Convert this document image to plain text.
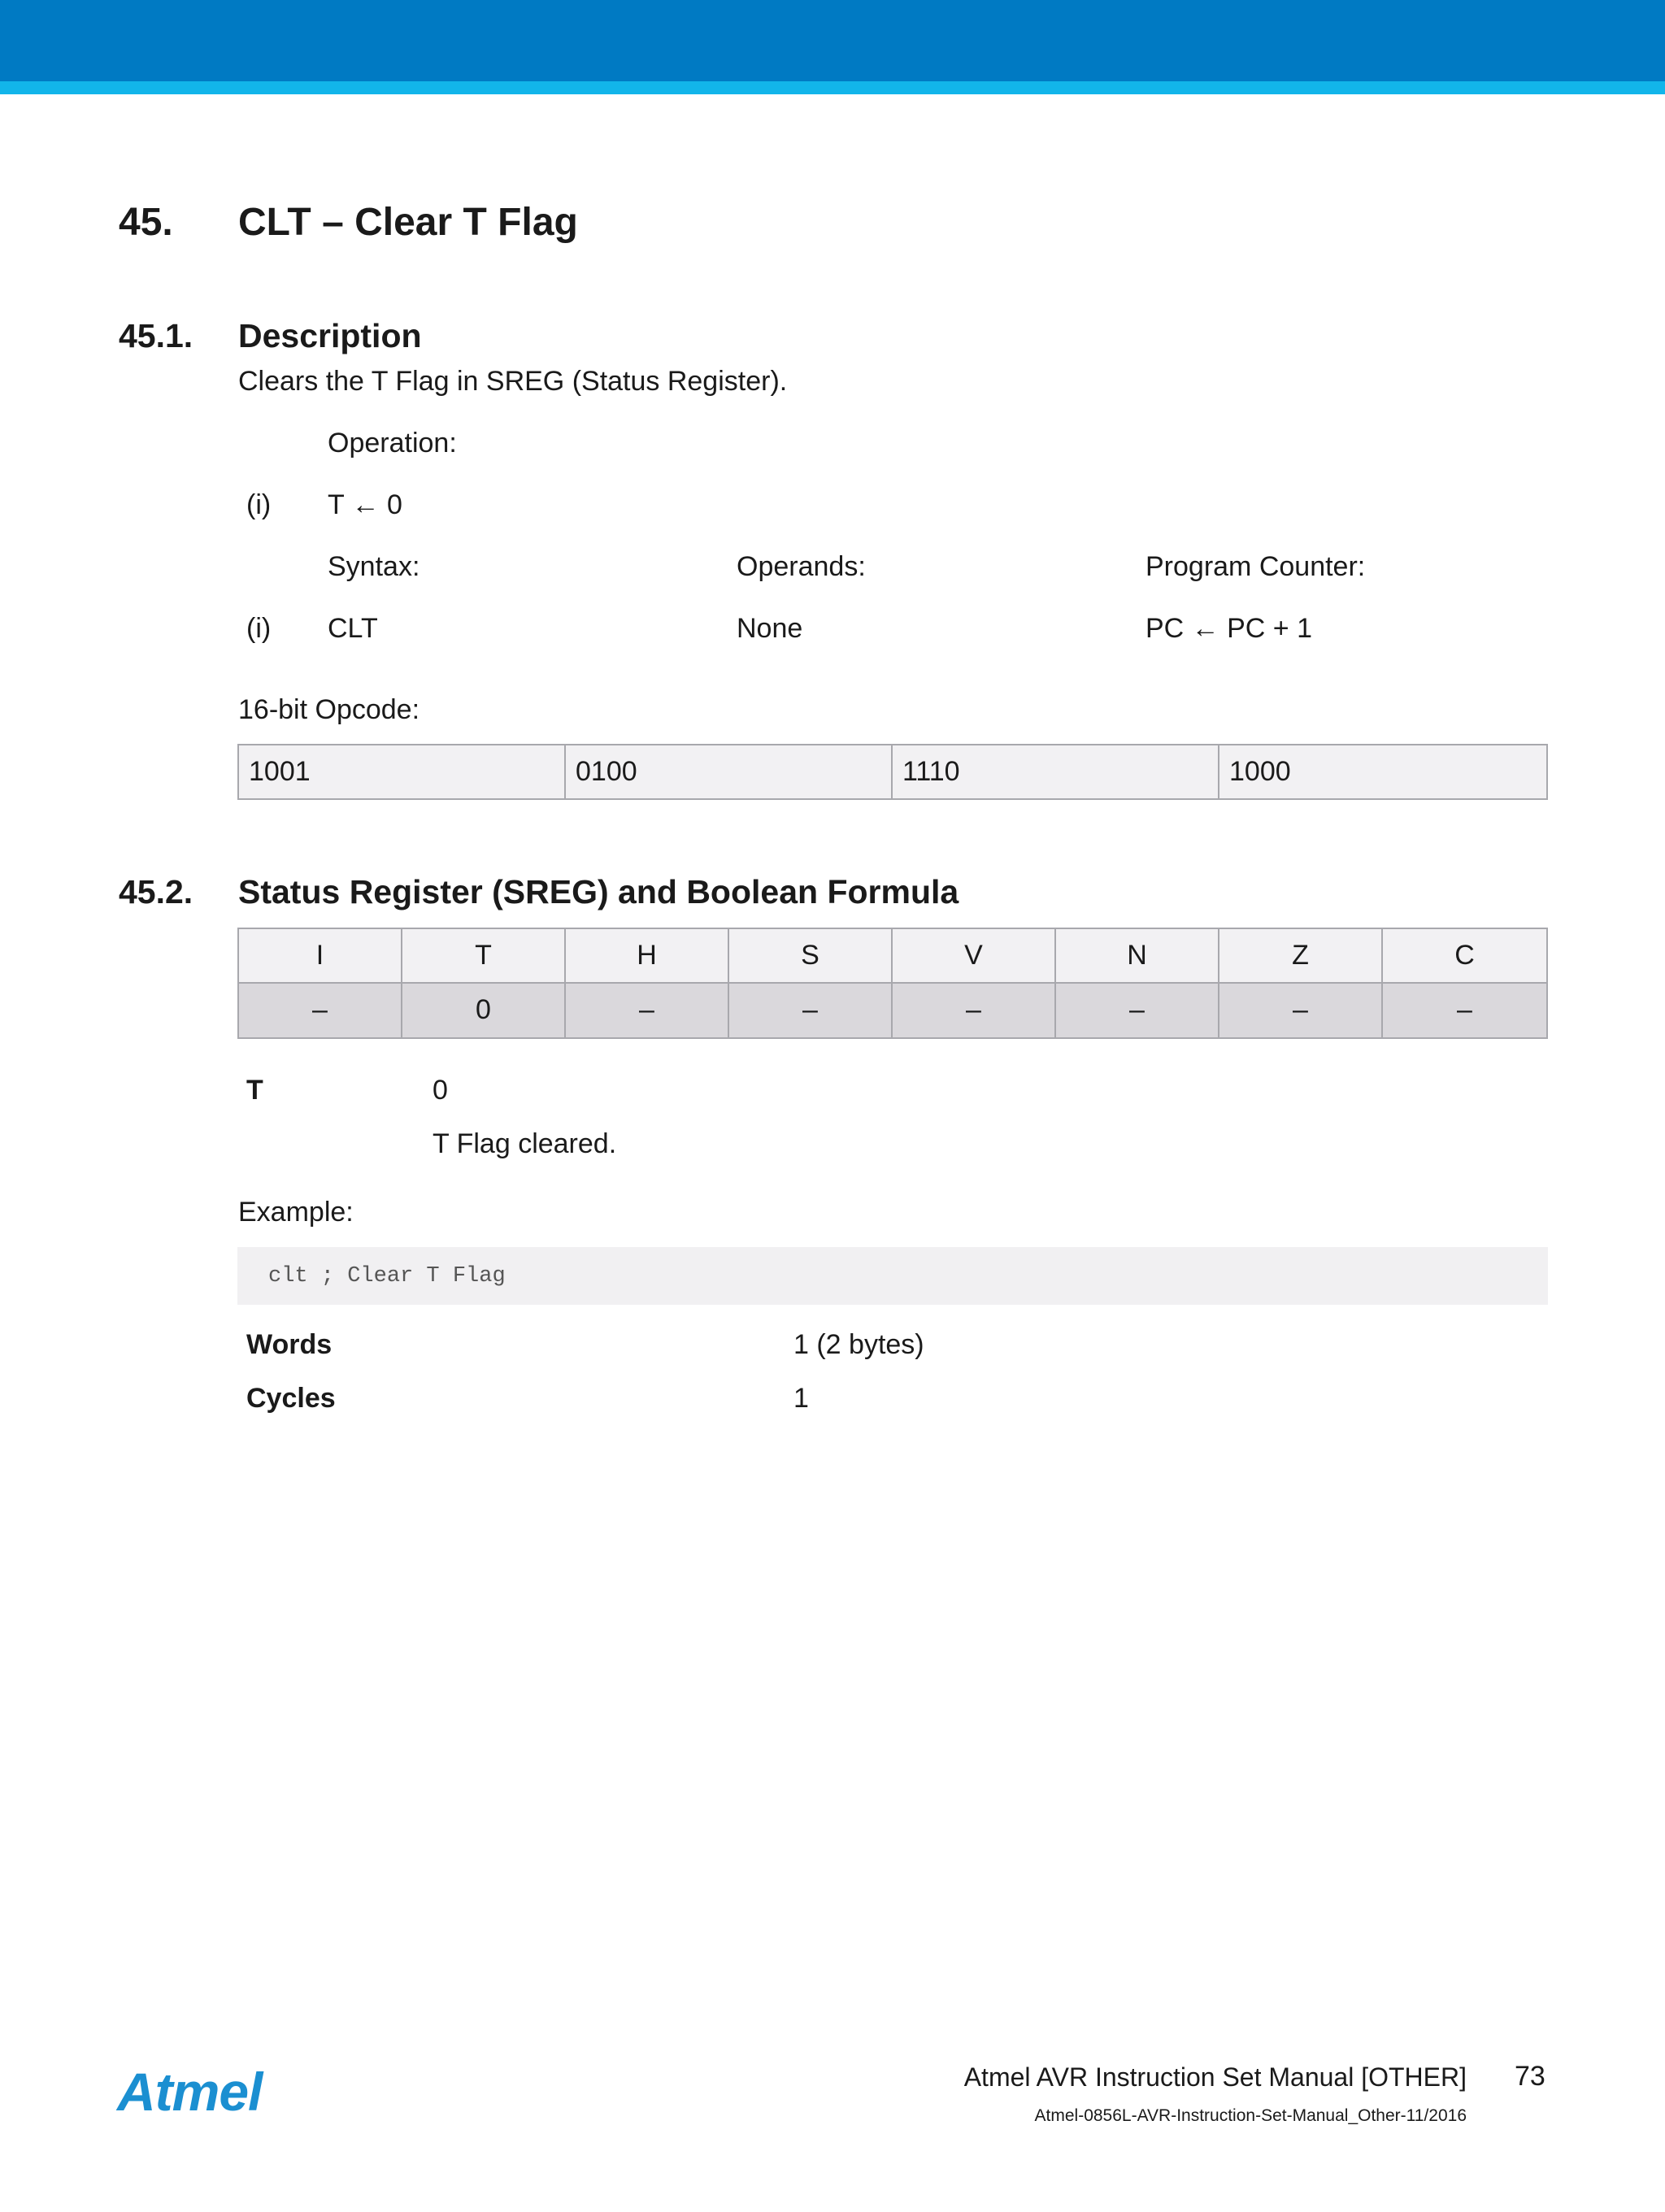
45. CLT – Clear T Flag
45.1. Description
Clears the T Flag in SREG (Status Register).
Operation:
(i) T ← 0
Syntax:	Operands:	Program Counter:
(i) CLT	None	PC ← PC + 1
16-bit Opcode:
1001	0100	1110	1000
45.2. Status Register (SREG) and Boolean Formula
I	T	H	S	V	N	Z	C
–	0	–	–	–	–	–	–
T	0
T Flag cleared.
Example:
clt ; Clear T Flag
Words	1 (2 bytes)
Cycles	1
Atmel	Atmel AVR Instruction Set Manual [OTHER] 73
Atmel-0856L-AVR-Instruction-Set-Manual_Other-11/2016
